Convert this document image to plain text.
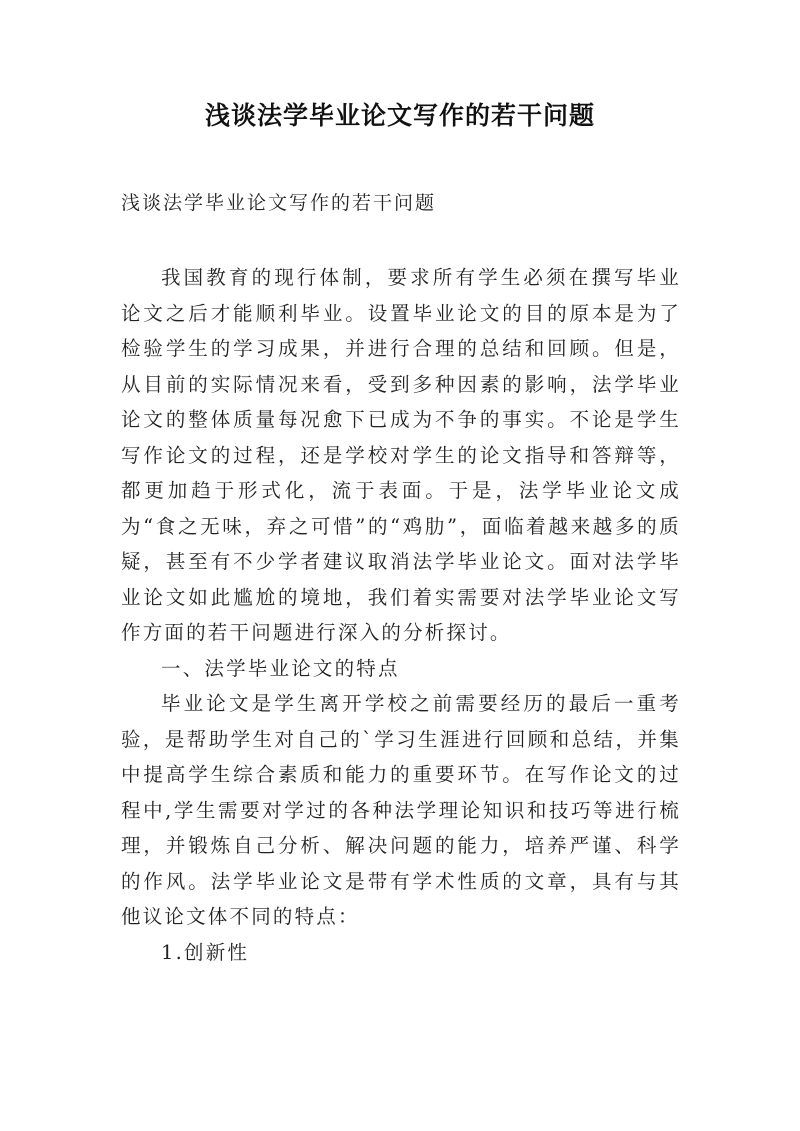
浅谈法学毕业论文写作的若干问题

浅谈法学毕业论文写作的若干问题

我国教育的现行体制，要求所有学生必须在撰写毕业论文之后才能顺利毕业。设置毕业论文的目的原本是为了检验学生的学习成果，并进行合理的总结和回顾。但是，从目前的实际情况来看，受到多种因素的影响，法学毕业论文的整体质量每况愈下已成为不争的事实。不论是学生写作论文的过程，还是学校对学生的论文指导和答辩等，都更加趋于形式化，流于表面。于是，法学毕业论文成为“食之无味，弃之可惜”的“鸡肋”，面临着越来越多的质疑，甚至有不少学者建议取消法学毕业论文。面对法学毕业论文如此尴尬的境地，我们着实需要对法学毕业论文写作方面的若干问题进行深入的分析探讨。

一、法学毕业论文的特点

毕业论文是学生离开学校之前需要经历的最后一重考验，是帮助学生对自己的`学习生涯进行回顾和总结，并集中提高学生综合素质和能力的重要环节。在写作论文的过程中,学生需要对学过的各种法学理论知识和技巧等进行梳理，并锻炼自己分析、解决问题的能力，培养严谨、科学的作风。法学毕业论文是带有学术性质的文章，具有与其他议论文体不同的特点：

1.创新性
